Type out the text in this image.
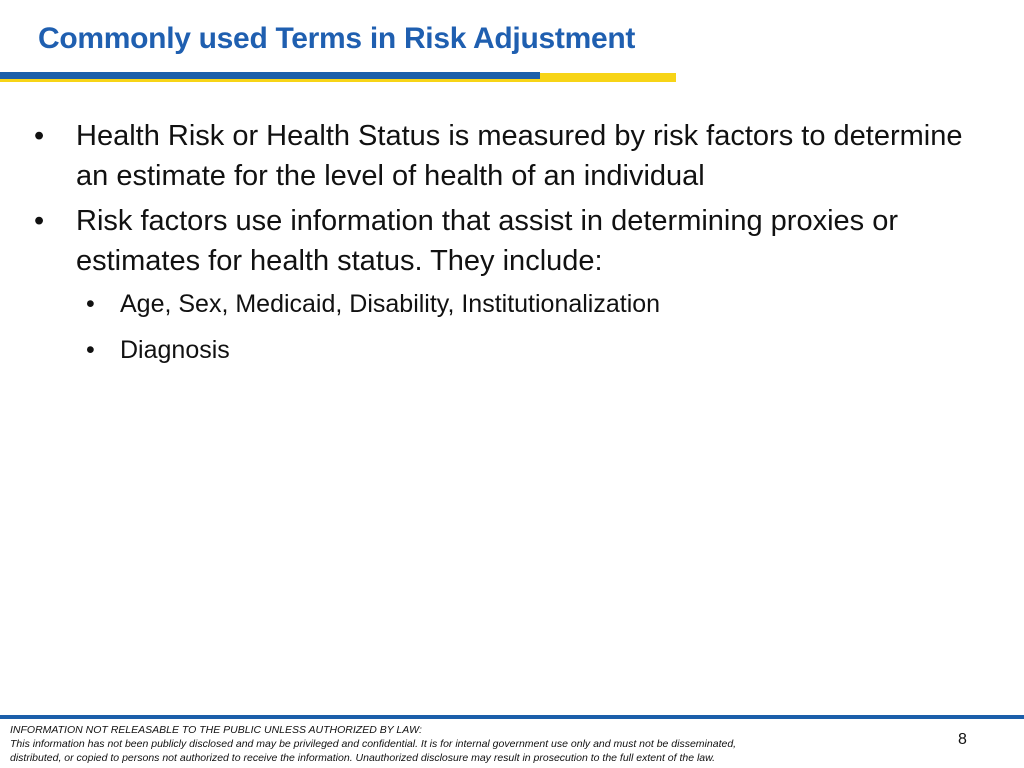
Commonly used Terms in Risk Adjustment
• Health Risk or Health Status is measured by risk factors to determine an estimate for the level of health of an individual
• Risk factors use information that assist in determining proxies or estimates for health status. They include:
• Age, Sex, Medicaid, Disability, Institutionalization
• Diagnosis
INFORMATION NOT RELEASABLE TO THE PUBLIC UNLESS AUTHORIZED BY LAW:
This information has not been publicly disclosed and may be privileged and confidential. It is for internal government use only and must not be disseminated,
distributed, or copied to persons not authorized to receive the information. Unauthorized disclosure may result in prosecution to the full extent of the law.
8
